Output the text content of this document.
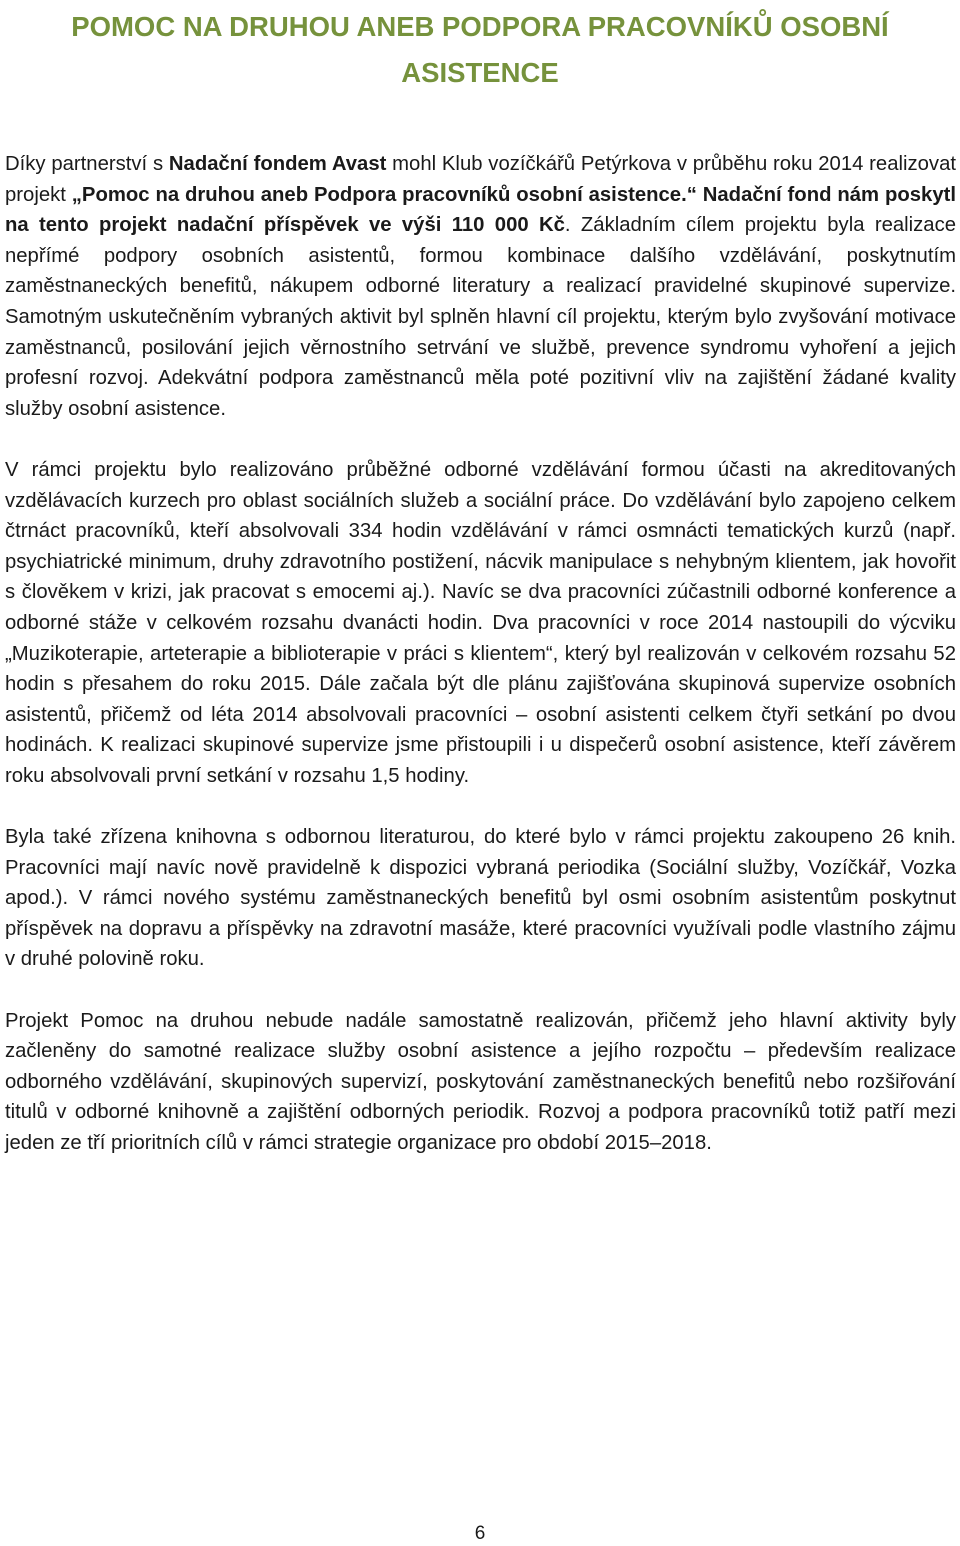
POMOC NA DRUHOU ANEB PODPORA PRACOVNÍKŮ OSOBNÍ ASISTENCE

Díky partnerství s Nadační fondem Avast mohl Klub vozíčkářů Petýrkova v průběhu roku 2014 realizovat projekt „Pomoc na druhou aneb Podpora pracovníků osobní asistence.“ Nadační fond nám poskytl na tento projekt nadační příspěvek ve výši 110 000 Kč. Základním cílem projektu byla realizace nepřímé podpory osobních asistentů, formou kombinace dalšího vzdělávání, poskytnutím zaměstnaneckých benefitů, nákupem odborné literatury a realizací pravidelné skupinové supervize. Samotným uskutečněním vybraných aktivit byl splněn hlavní cíl projektu, kterým bylo zvyšování motivace zaměstnanců, posilování jejich věrnostního setrvání ve službě, prevence syndromu vyhoření a jejich profesní rozvoj. Adekvátní podpora zaměstnanců měla poté pozitivní vliv na zajištění žádané kvality služby osobní asistence.

V rámci projektu bylo realizováno průběžné odborné vzdělávání formou účasti na akreditovaných vzdělávacích kurzech pro oblast sociálních služeb a sociální práce. Do vzdělávání bylo zapojeno celkem čtrnáct pracovníků, kteří absolvovali 334 hodin vzdělávání v rámci osmnácti tematických kurzů (např. psychiatrické minimum, druhy zdravotního postižení, nácvik manipulace s nehybným klientem, jak hovořit s člověkem v krizi, jak pracovat s emocemi aj.). Navíc se dva pracovníci zúčastnili odborné konference a odborné stáže v celkovém rozsahu dvanácti hodin. Dva pracovníci v roce 2014 nastoupili do výcviku „Muzikoterapie, arteterapie a biblioterapie v práci s klientem“, který byl realizován v celkovém rozsahu 52 hodin s přesahem do roku 2015. Dále začala být dle plánu zajišťována skupinová supervize osobních asistentů, přičemž od léta 2014 absolvovali pracovníci – osobní asistenti celkem čtyři setkání po dvou hodinách. K realizaci skupinové supervize jsme přistoupili i u dispečerů osobní asistence, kteří závěrem roku absolvovali první setkání v rozsahu 1,5 hodiny.

Byla také zřízena knihovna s odbornou literaturou, do které bylo v rámci projektu zakoupeno 26 knih. Pracovníci mají navíc nově pravidelně k dispozici vybraná periodika (Sociální služby, Vozíčkář, Vozka apod.). V rámci nového systému zaměstnaneckých benefitů byl osmi osobním asistentům poskytnut příspěvek na dopravu a příspěvky na zdravotní masáže, které pracovníci využívali podle vlastního zájmu v druhé polovině roku.

Projekt Pomoc na druhou nebude nadále samostatně realizován, přičemž jeho hlavní aktivity byly začleněny do samotné realizace služby osobní asistence a jejího rozpočtu – především realizace odborného vzdělávání, skupinových supervizí, poskytování zaměstnaneckých benefitů nebo rozšiřování titulů v odborné knihovně a zajištění odborných periodik. Rozvoj a podpora pracovníků totiž patří mezi jeden ze tří prioritních cílů v rámci strategie organizace pro období 2015–2018.

6
